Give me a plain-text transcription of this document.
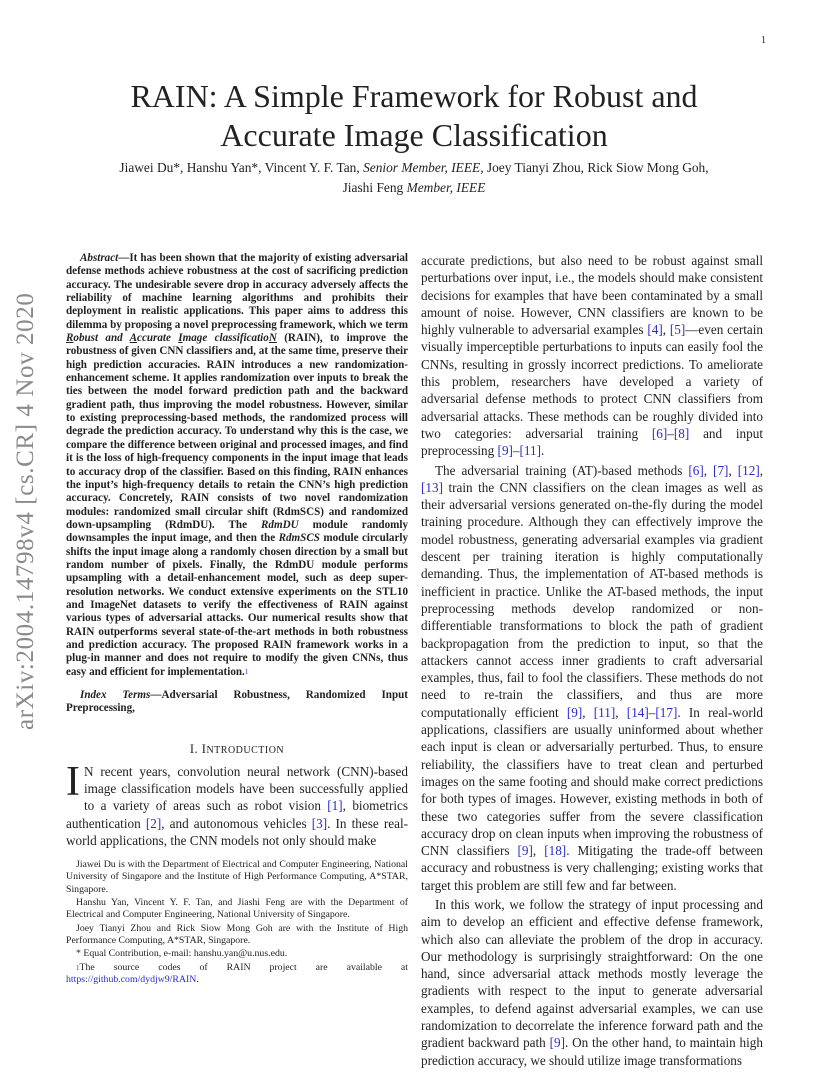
1
arXiv:2004.14798v4 [cs.CR] 4 Nov 2020
RAIN: A Simple Framework for Robust and
Accurate Image Classification
Jiawei Du*, Hanshu Yan*, Vincent Y. F. Tan, Senior Member, IEEE, Joey Tianyi Zhou, Rick Siow Mong Goh,
Jiashi Feng Member, IEEE
Abstract—It has been shown that the majority of existing adversarial defense methods achieve robustness at the cost of sacrificing prediction accuracy. The undesirable severe drop in accuracy adversely affects the reliability of machine learning algorithms and prohibits their deployment in realistic applications. This paper aims to address this dilemma by proposing a novel preprocessing framework, which we term Robust and Accurate Image classificatioN (RAIN), to improve the robustness of given CNN classifiers and, at the same time, preserve their high prediction accuracies. RAIN introduces a new randomization-enhancement scheme. It applies randomization over inputs to break the ties between the model forward prediction path and the backward gradient path, thus improving the model robustness. However, similar to existing preprocessing-based methods, the randomized process will degrade the prediction accuracy. To understand why this is the case, we compare the difference between original and processed images, and find it is the loss of high-frequency components in the input image that leads to accuracy drop of the classifier. Based on this finding, RAIN enhances the input’s high-frequency details to retain the CNN’s high prediction accuracy. Concretely, RAIN consists of two novel randomization modules: randomized small circular shift (RdmSCS) and randomized down-upsampling (RdmDU). The RdmDU module randomly downsamples the input image, and then the RdmSCS module circularly shifts the input image along a randomly chosen direction by a small but random number of pixels. Finally, the RdmDU module performs upsampling with a detail-enhancement model, such as deep super-resolution networks. We conduct extensive experiments on the STL10 and ImageNet datasets to verify the effectiveness of RAIN against various types of adversarial attacks. Our numerical results show that RAIN outperforms several state-of-the-art methods in both robustness and prediction accuracy. The proposed RAIN framework works in a plug-in manner and does not require to modify the given CNNs, thus easy and efficient for implementation.$^1$
Index Terms—Adversarial Robustness, Randomized Input Preprocessing,
I. INTRODUCTION
I N recent years, convolution neural network (CNN)-based image classification models have been successfully applied to a variety of areas such as robot vision [1], biometrics authentication [2], and autonomous vehicles [3]. In these real-world applications, the CNN models not only should make

Jiawei Du is with the Department of Electrical and Computer Engineering, National University of Singapore and the Institute of High Performance Computing, A*STAR, Singapore.

Hanshu Yan, Vincent Y. F. Tan, and Jiashi Feng are with the Department of Electrical and Computer Engineering, National University of Singapore.

Joey Tianyi Zhou and Rick Siow Mong Goh are with the Institute of High Performance Computing, A*STAR, Singapore.

* Equal Contribution, e-mail: hanshu.yan@u.nus.edu.

$^1$The source codes of RAIN project are available at https://github.com/dydjw9/RAIN.

accurate predictions, but also need to be robust against small perturbations over input, i.e., the models should make consistent decisions for examples that have been contaminated by a small amount of noise. However, CNN classifiers are known to be highly vulnerable to adversarial examples [4], [5]—even certain visually imperceptible perturbations to inputs can easily fool the CNNs, resulting in grossly incorrect predictions. To ameliorate this problem, researchers have developed a variety of adversarial defense methods to protect CNN classifiers from adversarial attacks. These methods can be roughly divided into two categories: adversarial training [6]–[8] and input preprocessing [9]–[11].

The adversarial training (AT)-based methods [6], [7], [12], [13] train the CNN classifiers on the clean images as well as their adversarial versions generated on-the-fly during the model training procedure. Although they can effectively improve the model robustness, generating adversarial examples via gradient descent per training iteration is highly computationally demanding. Thus, the implementation of AT-based methods is inefficient in practice. Unlike the AT-based methods, the input preprocessing methods develop randomized or non-differentiable transformations to block the path of gradient backpropagation from the prediction to input, so that the attackers cannot access inner gradients to craft adversarial examples, thus, fail to fool the classifiers. These methods do not need to re-train the classifiers, and thus are more computationally efficient [9], [11], [14]–[17]. In real-world applications, classifiers are usually uninformed about whether each input is clean or adversarially perturbed. Thus, to ensure reliability, the classifiers have to treat clean and perturbed images on the same footing and should make correct predictions for both types of images. However, existing methods in both of these two categories suffer from the severe classification accuracy drop on clean inputs when improving the robustness of CNN classifiers [9], [18]. Mitigating the trade-off between accuracy and robustness is very challenging; existing works that target this problem are still few and far between.

In this work, we follow the strategy of input processing and aim to develop an efficient and effective defense framework, which also can alleviate the problem of the drop in accuracy. Our methodology is surprisingly straightforward: On the one hand, since adversarial attack methods mostly leverage the gradients with respect to the input to generate adversarial examples, to defend against adversarial examples, we can use randomization to decorrelate the inference forward path and the gradient backward path [9]. On the other hand, to maintain high prediction accuracy, we should utilize image transformations
